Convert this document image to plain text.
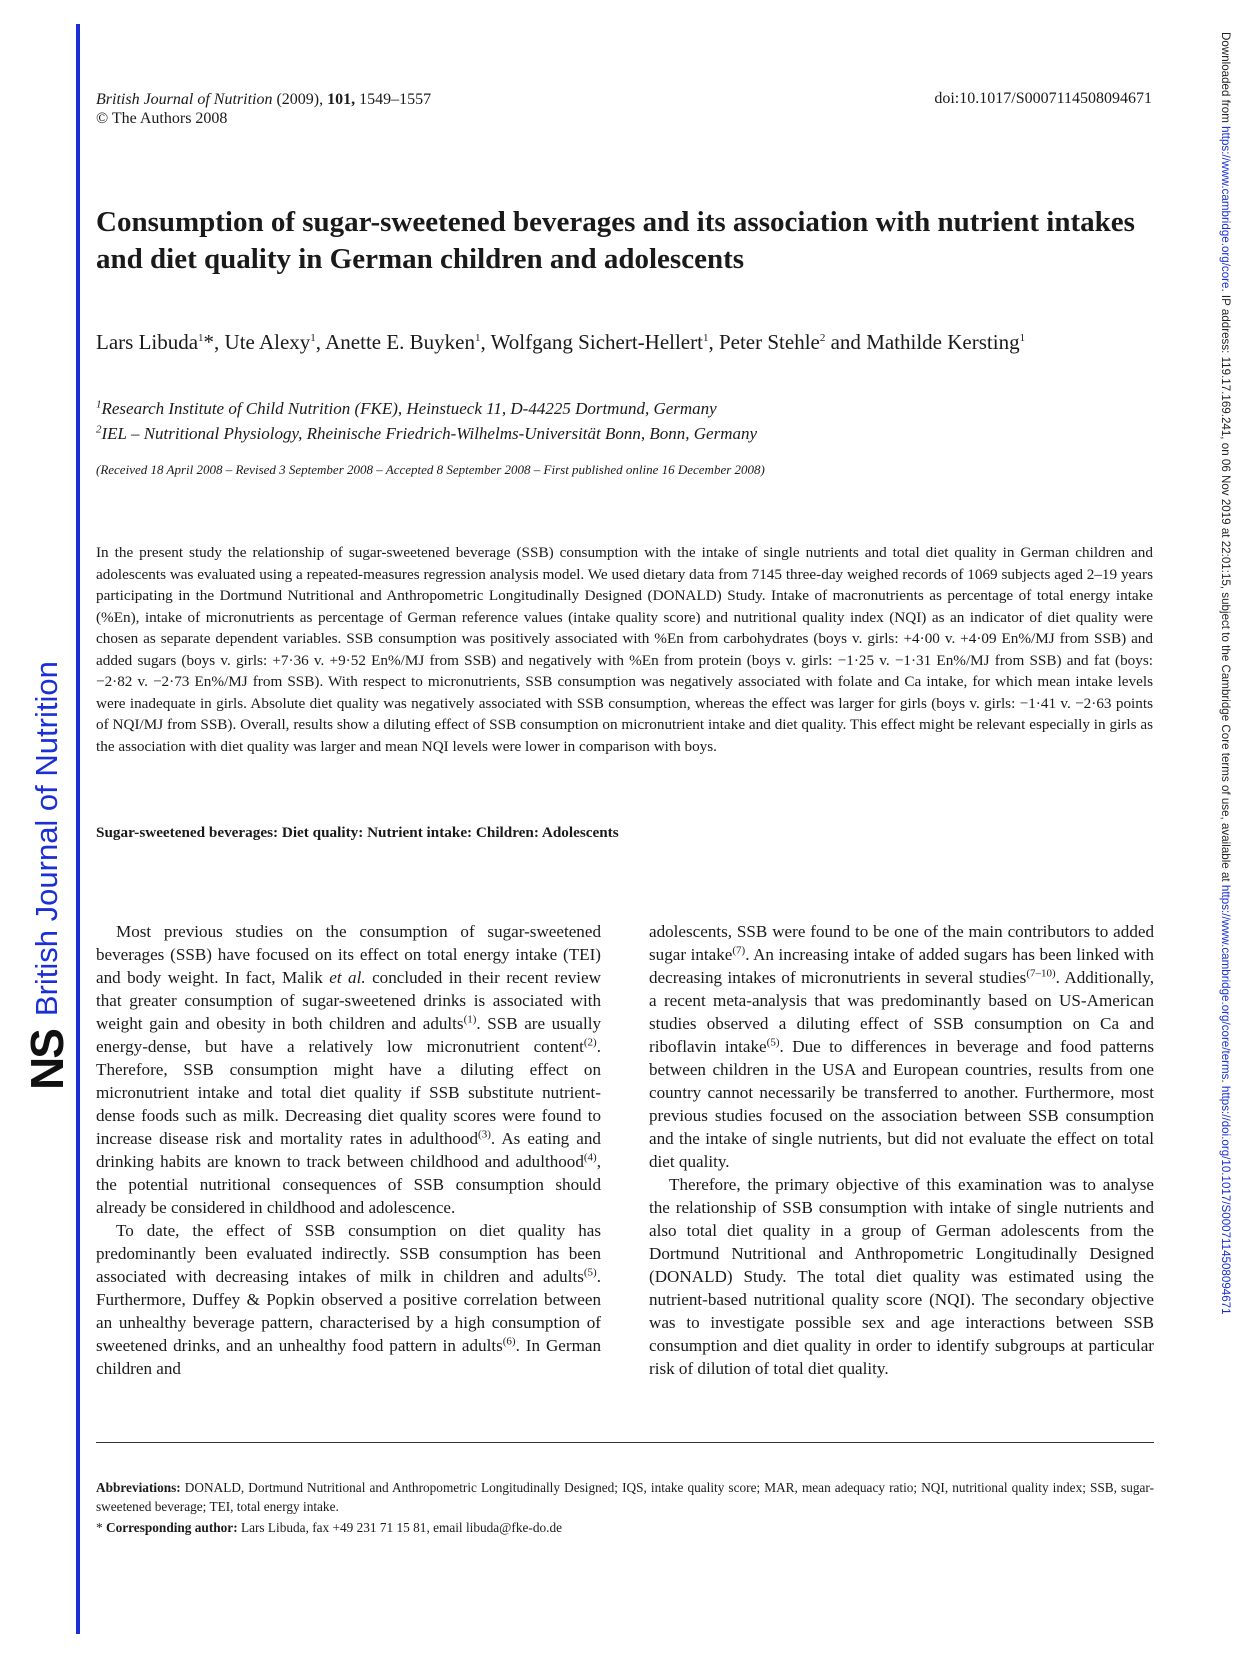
NS
British Journal of Nutrition
Downloaded from https://www.cambridge.org/core. IP address: 119.17.169.241, on 06 Nov 2019 at 22:01:15, subject to the Cambridge Core terms of use, available at https://www.cambridge.org/core/terms. https://doi.org/10.1017/S0007114508094671
British Journal of Nutrition (2009), 101, 1549–1557
© The Authors 2008
doi:10.1017/S0007114508094671
Consumption of sugar-sweetened beverages and its association with nutrient intakes and diet quality in German children and adolescents
Lars Libuda$^1$*, Ute Alexy$^1$, Anette E. Buyken$^1$, Wolfgang Sichert-Hellert$^1$, Peter Stehle$^2$ and Mathilde Kersting$^1$
$^1$Research Institute of Child Nutrition (FKE), Heinstueck 11, D-44225 Dortmund, Germany
$^2$IEL – Nutritional Physiology, Rheinische Friedrich-Wilhelms-Universität Bonn, Bonn, Germany
(Received 18 April 2008 – Revised 3 September 2008 – Accepted 8 September 2008 – First published online 16 December 2008)
In the present study the relationship of sugar-sweetened beverage (SSB) consumption with the intake of single nutrients and total diet quality in German children and adolescents was evaluated using a repeated-measures regression analysis model. We used dietary data from 7145 three-day weighed records of 1069 subjects aged 2–19 years participating in the Dortmund Nutritional and Anthropometric Longitudinally Designed (DONALD) Study. Intake of macronutrients as percentage of total energy intake (%En), intake of micronutrients as percentage of German reference values (intake quality score) and nutritional quality index (NQI) as an indicator of diet quality were chosen as separate dependent variables. SSB consumption was positively associated with %En from carbohydrates (boys v. girls: +4·00 v. +4·09 En%/MJ from SSB) and added sugars (boys v. girls: +7·36 v. +9·52 En%/MJ from SSB) and negatively with %En from protein (boys v. girls: −1·25 v. −1·31 En%/MJ from SSB) and fat (boys: −2·82 v. −2·73 En%/MJ from SSB). With respect to micronutrients, SSB consumption was negatively associated with folate and Ca intake, for which mean intake levels were inadequate in girls. Absolute diet quality was negatively associated with SSB consumption, whereas the effect was larger for girls (boys v. girls: −1·41 v. −2·63 points of NQI/MJ from SSB). Overall, results show a diluting effect of SSB consumption on micronutrient intake and diet quality. This effect might be relevant especially in girls as the association with diet quality was larger and mean NQI levels were lower in comparison with boys.
Sugar-sweetened beverages: Diet quality: Nutrient intake: Children: Adolescents

Most previous studies on the consumption of sugar-sweetened beverages (SSB) have focused on its effect on total energy intake (TEI) and body weight. In fact, Malik et al. concluded in their recent review that greater consumption of sugar-sweetened drinks is associated with weight gain and obesity in both children and adults$^{(1)}$. SSB are usually energy-dense, but have a relatively low micronutrient content$^{(2)}$. Therefore, SSB consumption might have a diluting effect on micronutrient intake and total diet quality if SSB substitute nutrient-dense foods such as milk. Decreasing diet quality scores were found to increase disease risk and mortality rates in adulthood$^{(3)}$. As eating and drinking habits are known to track between childhood and adulthood$^{(4)}$, the potential nutritional consequences of SSB consumption should already be considered in childhood and adolescence.

To date, the effect of SSB consumption on diet quality has predominantly been evaluated indirectly. SSB consumption has been associated with decreasing intakes of milk in children and adults$^{(5)}$. Furthermore, Duffey & Popkin observed a positive correlation between an unhealthy beverage pattern, characterised by a high consumption of sweetened drinks, and an unhealthy food pattern in adults$^{(6)}$. In German children and

adolescents, SSB were found to be one of the main contributors to added sugar intake$^{(7)}$. An increasing intake of added sugars has been linked with decreasing intakes of micronutrients in several studies$^{(7-10)}$. Additionally, a recent meta-analysis that was predominantly based on US-American studies observed a diluting effect of SSB consumption on Ca and riboflavin intake$^{(5)}$. Due to differences in beverage and food patterns between children in the USA and European countries, results from one country cannot necessarily be transferred to another. Furthermore, most previous studies focused on the association between SSB consumption and the intake of single nutrients, but did not evaluate the effect on total diet quality.

Therefore, the primary objective of this examination was to analyse the relationship of SSB consumption with intake of single nutrients and also total diet quality in a group of German adolescents from the Dortmund Nutritional and Anthropometric Longitudinally Designed (DONALD) Study. The total diet quality was estimated using the nutrient-based nutritional quality score (NQI). The secondary objective was to investigate possible sex and age interactions between SSB consumption and diet quality in order to identify subgroups at particular risk of dilution of total diet quality.

Abbreviations: DONALD, Dortmund Nutritional and Anthropometric Longitudinally Designed; IQS, intake quality score; MAR, mean adequacy ratio; NQI, nutritional quality index; SSB, sugar-sweetened beverage; TEI, total energy intake.
* Corresponding author: Lars Libuda, fax +49 231 71 15 81, email libuda@fke-do.de
